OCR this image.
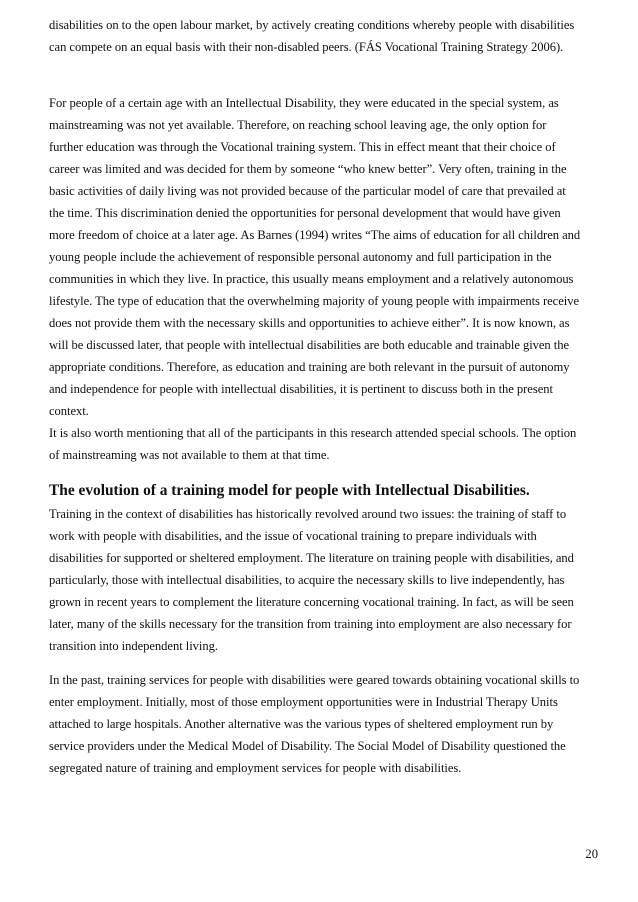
disabilities on to the open labour market, by actively creating conditions whereby people with disabilities
can compete on an equal basis with their non-disabled peers. (FÁS Vocational Training Strategy 2006).
For people of a certain age with an Intellectual Disability, they were educated in the special system, as
mainstreaming was not yet available. Therefore, on reaching school leaving age, the only option for
further education was through the Vocational training system. This in effect meant that their choice of
career was limited and was decided for them by someone “who knew better”. Very often, training in the
basic activities of daily living was not provided because of the particular model of care that prevailed at
the time. This discrimination denied the opportunities for personal development that would have given
more freedom of choice at a later age. As Barnes (1994) writes “The aims of education for all children and
young people include the achievement of responsible personal autonomy and full participation in the
communities in which they live. In practice, this usually means employment and a relatively autonomous
lifestyle. The type of education that the overwhelming majority of young people with impairments receive
does not provide them with the necessary skills and opportunities to achieve either”. It is now known, as
will be discussed later, that people with intellectual disabilities are both educable and trainable given the
appropriate conditions. Therefore, as education and training are both relevant in the pursuit of autonomy
and independence for people with intellectual disabilities, it is pertinent to discuss both in the present
context.
It is also worth mentioning that all of the participants in this research attended special schools. The option
of mainstreaming was not available to them at that time.
The evolution of a training model for people with Intellectual Disabilities.
Training in the context of disabilities has historically revolved around two issues: the training of staff to
work with people with disabilities, and the issue of vocational training to prepare individuals with
disabilities for supported or sheltered employment. The literature on training people with disabilities, and
particularly, those with intellectual disabilities, to acquire the necessary skills to live independently, has
grown in recent years to complement the literature concerning vocational training. In fact, as will be seen
later, many of the skills necessary for the transition from training into employment are also necessary for
transition into independent living.
In the past, training services for people with disabilities were geared towards obtaining vocational skills to
enter employment. Initially, most of those employment opportunities were in Industrial Therapy Units
attached to large hospitals. Another alternative was the various types of sheltered employment run by
service providers under the Medical Model of Disability. The Social Model of Disability questioned the
segregated nature of training and employment services for people with disabilities.
20
